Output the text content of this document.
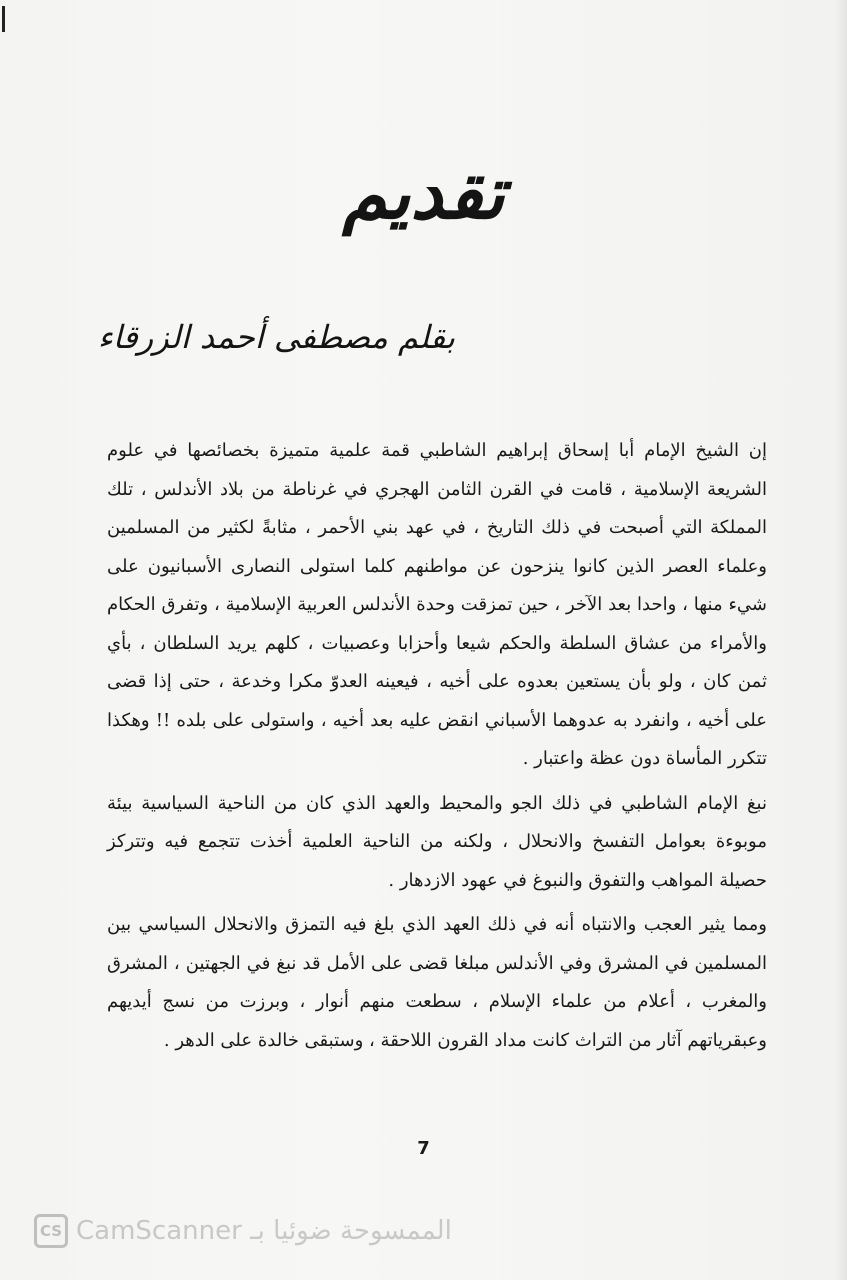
تقديم
بقلم مصطفى أحمد الزرقاء

إن الشيخ الإمام أبا إسحاق إبراهيم الشاطبي قمة علمية متميزة بخصائصها في علوم الشريعة الإسلامية ، قامت في القرن الثامن الهجري في غرناطة من بلاد الأندلس ، تلك المملكة التي أصبحت في ذلك التاريخ ، في عهد بني الأحمر ، مثابةً لكثير من المسلمين وعلماء العصر الذين كانوا ينزحون عن مواطنهم كلما استولى النصارى الأسبانيون على شيء منها ، واحدا بعد الآخر ، حين تمزقت وحدة الأندلس العربية الإسلامية ، وتفرق الحكام والأمراء من عشاق السلطة والحكم شيعا وأحزابا وعصبيات ، كلهم يريد السلطان ، بأي ثمن كان ، ولو بأن يستعين بعدوه على أخيه ، فيعينه العدوّ مكرا وخدعة ، حتى إذا قضى على أخيه ، وانفرد به عدوهما الأسباني انقض عليه بعد أخيه ، واستولى على بلده !! وهكذا تتكرر المأساة دون عظة واعتبار .

نبغ الإمام الشاطبي في ذلك الجو والمحيط والعهد الذي كان من الناحية السياسية بيئة موبوءة بعوامل التفسخ والانحلال ، ولكنه من الناحية العلمية أخذت تتجمع فيه وتتركز حصيلة المواهب والتفوق والنبوغ في عهود الازدهار .

ومما يثير العجب والانتباه أنه في ذلك العهد الذي بلغ فيه التمزق والانحلال السياسي بين المسلمين في المشرق وفي الأندلس مبلغا قضى على الأمل قد نبغ في الجهتين ، المشرق والمغرب ، أعلام من علماء الإسلام ، سطعت منهم أنوار ، وبرزت من نسج أيديهم وعبقرياتهم آثار من التراث كانت مداد القرون اللاحقة ، وستبقى خالدة على الدهر .

7
CS CamScanner الممسوحة ضوئيا بـ
